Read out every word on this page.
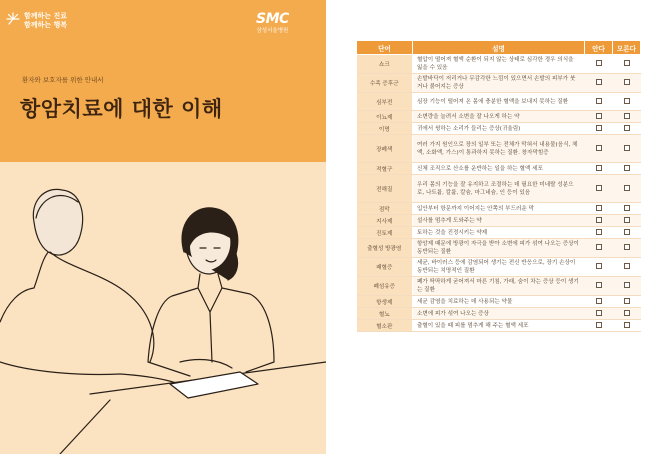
함께하는 진료
함께하는 행복	SMC
삼성서울병원
환자와 보호자를 위한 안내서
항암치료에 대한 이해
단어	설명	안다	모른다
쇼크	혈압이 떨어져 혈액 순환이 되지 않는 상태로 심각한 경우 의식을 잃을 수 있음		
수족 증후군	손발바닥이 저리거나 무감각한 느낌이 있으면서 손발의 피부가 붓거나 붉어지는 증상		
심부전	심장 기능이 떨어져 온 몸에 충분한 혈액을 보내지 못하는 질환		
이뇨제	소변량을 늘려서 소변을 잘 나오게 하는 약		
이명	귀에서 윙하는 소리가 들리는 증상(귀울림)		
장폐색	여러 가지 원인으로 장의 일부 또는 전체가 막혀서 내용물(음식, 체액, 소화액, 가스)이 통과하지 못하는 질환. 창자막힘증		
적혈구	신체 조직으로 산소를 운반하는 일을 하는 혈액 세포		
전해질	우리 몸의 기능을 잘 유지하고 조절하는 데 필요한 미네랄 성분으로, 나트륨, 칼륨, 칼슘, 마그네슘, 인 등이 있음		
점막	입안부터 항문까지 이어지는 안쪽의 부드러운 막		
지사제	설사를 멈추게 도와주는 약		
진토제	토하는 것을 진정시키는 약제		
출혈성 방광염	항암제 때문에 방광이 자극을 받아 소변에 피가 섞여 나오는 증상이 동반되는 질환		
패혈증	세균, 바이러스 등에 감염되어 생기는 전신 반응으로, 장기 손상이 동반되는 치명적인 질환		
폐섬유증	폐가 딱딱하게 굳어져서 마른 기침, 가래, 숨이 차는 증상 등이 생기는 질환		
항생제	세균 감염을 치료하는 데 사용되는 약물		
혈뇨	소변에 피가 섞여 나오는 증상		
혈소판	출혈이 있을 때 피를 멈추게 해 주는 혈액 세포		
